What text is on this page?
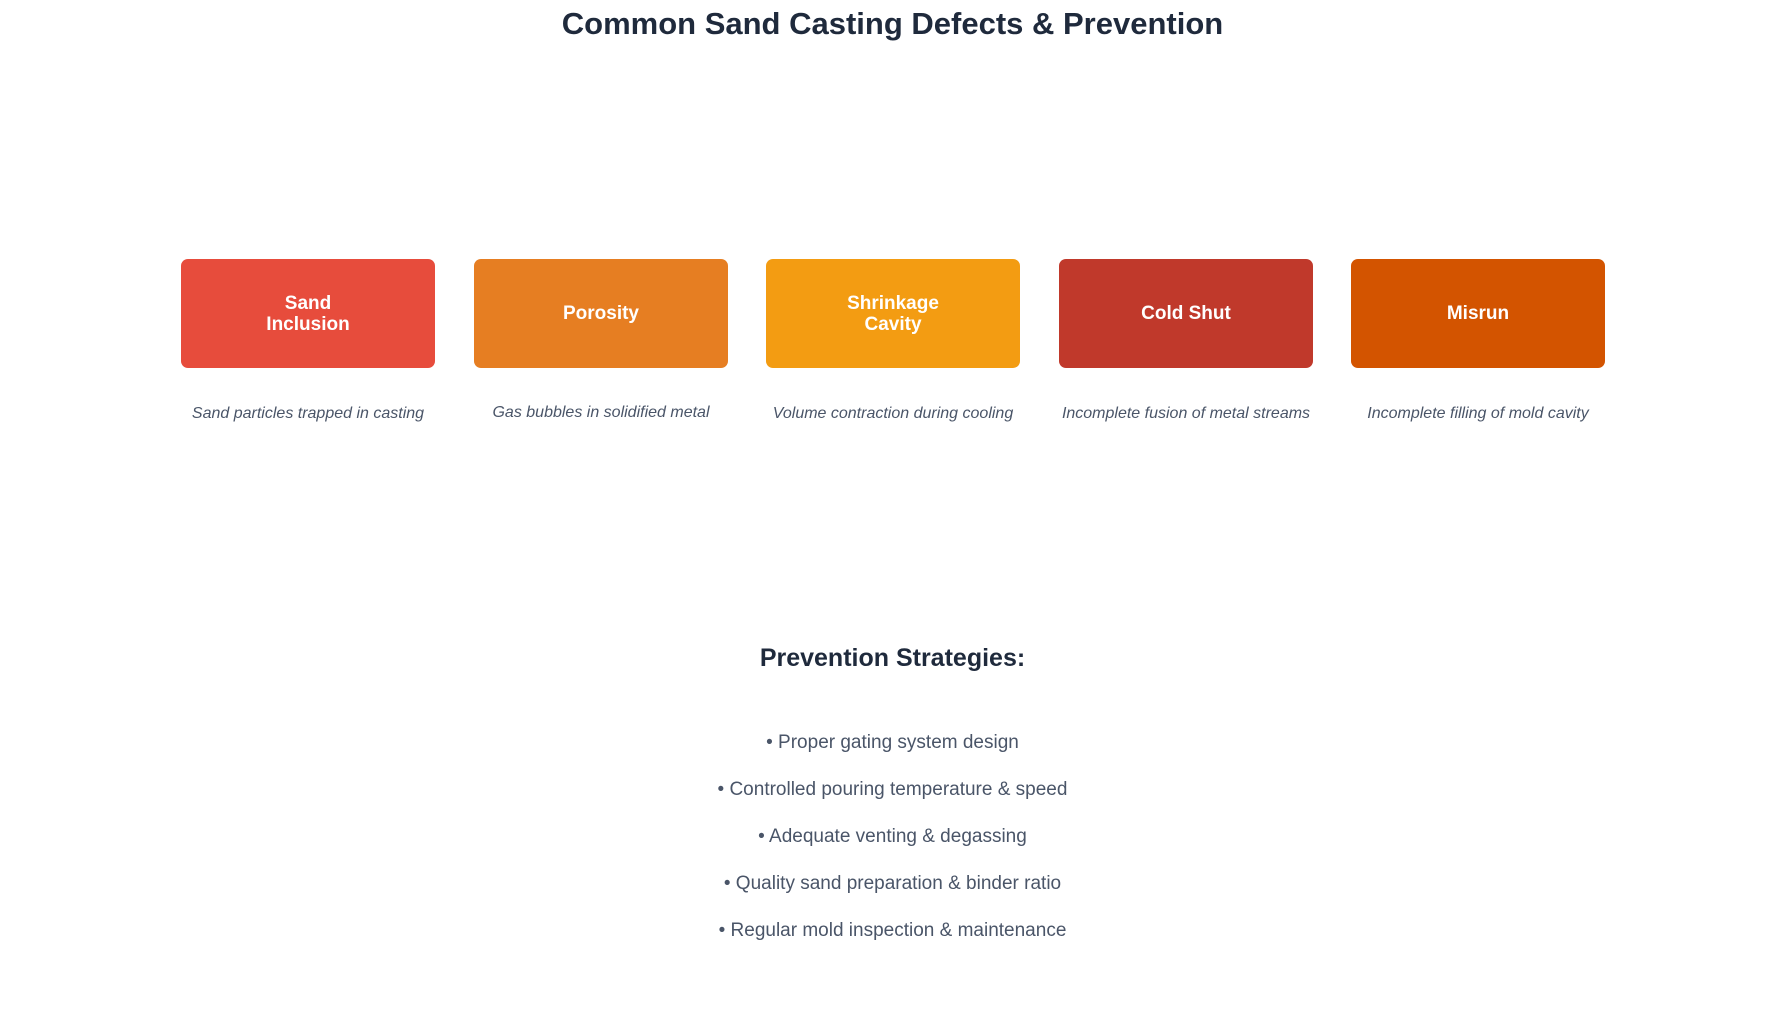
Common Sand Casting Defects & Prevention
Sand
Inclusion	Porosity	Shrinkage
Cavity	Cold Shut	Misrun
Sand particles trapped in casting	Gas bubbles in solidified metal	Volume contraction during cooling	Incomplete fusion of metal streams	Incomplete filling of mold cavity
Prevention Strategies:
• Proper gating system design
• Controlled pouring temperature & speed
• Adequate venting & degassing
• Quality sand preparation & binder ratio
• Regular mold inspection & maintenance
